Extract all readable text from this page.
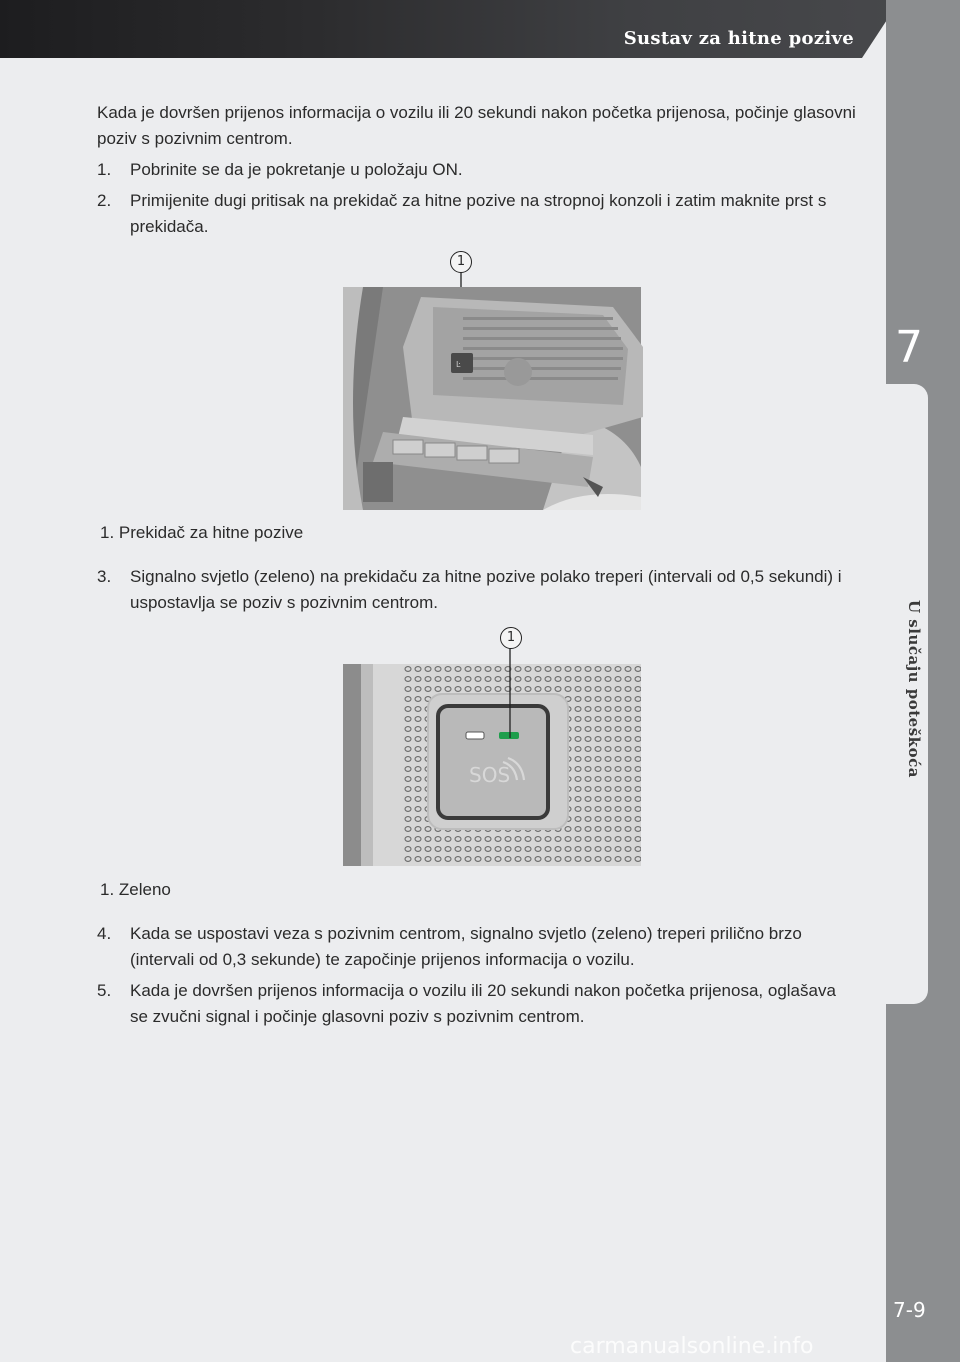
Sustav za hitne pozive
7
U slučaju poteškoća
7-9

Kada je dovršen prijenos informacija o vozilu ili 20 sekundi nakon početka prijenosa, počinje glasovni poziv s pozivnim centrom.

1. Pobrinite se da je pokretanje u položaju ON.
2. Primijenite dugi pritisak na prekidač za hitne pozive na stropnoj konzoli i zatim maknite prst s prekidača.
1
Ŀ
1. Prekidač za hitne pozive
3. Signalno svjetlo (zeleno) na prekidaču za hitne pozive polako treperi (intervali od 0,5 sekundi) i uspostavlja se poziv s pozivnim centrom.
1
SOS
1. Zeleno
4. Kada se uspostavi veza s pozivnim centrom, signalno svjetlo (zeleno) treperi prilično brzo (intervali od 0,3 sekunde) te započinje prijenos informacija o vozilu.
5. Kada je dovršen prijenos informacija o vozilu ili 20 sekundi nakon početka prijenosa, oglašava se zvučni signal i počinje glasovni poziv s pozivnim centrom.
carmanualsonline.info
